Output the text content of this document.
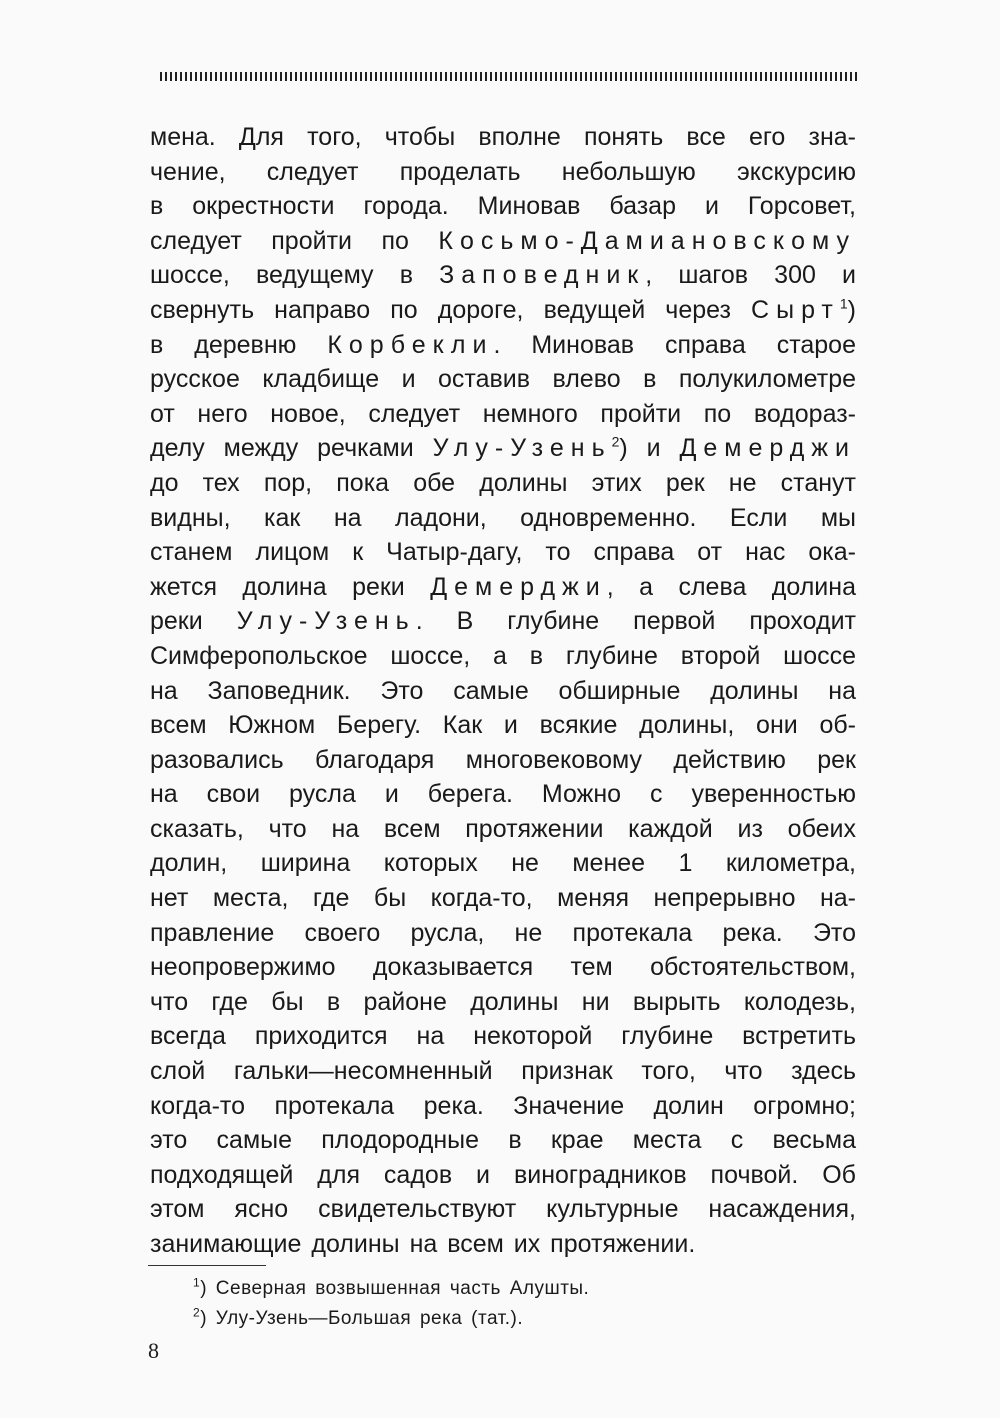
мена. Для того, чтобы вполне понять все его зна-
чение, следует проделать небольшую экскурсию
в окрестности города. Миновав базар и Горсовет,
следует пройти по Косьмо-Дамиановскому
шоссе, ведущему в Заповедник, шагов 300 и
свернуть направо по дороге, ведущей через Сырт$^1$)
в деревню Корбекли. Миновав справа старое
русское кладбище и оставив влево в полукилометре
от него новое, следует немного пройти по водораз-
делу между речками Улу-Узень$^2$) и Демерджи
до тех пор, пока обе долины этих рек не станут
видны, как на ладони, одновременно. Если мы
станем лицом к Чатыр-дагу, то справа от нас ока-
жется долина реки Демерджи, а слева долина
реки Улу-Узень. В глубине первой проходит
Симферопольское шоссе, а в глубине второй шоссе
на Заповедник. Это самые обширные долины на
всем Южном Берегу. Как и всякие долины, они об-
разовались благодаря многовековому действию рек
на свои русла и берега. Можно с уверенностью
сказать, что на всем протяжении каждой из обеих
долин, ширина которых не менее 1 километра,
нет места, где бы когда-то, меняя непрерывно на-
правление своего русла, не протекала река. Это
неопровержимо доказывается тем обстоятельством,
что где бы в районе долины ни вырыть колодезь,
всегда приходится на некоторой глубине встретить
слой гальки—несомненный признак того, что здесь
когда-то протекала река. Значение долин огромно;
это самые плодородные в крае места с весьма
подходящей для садов и виноградников почвой. Об
этом ясно свидетельствуют культурные насаждения,
занимающие долины на всем их протяжении.
$^1$) Северная возвышенная часть Алушты.
$^2$) Улу-Узень—Большая река (тат.).
8
